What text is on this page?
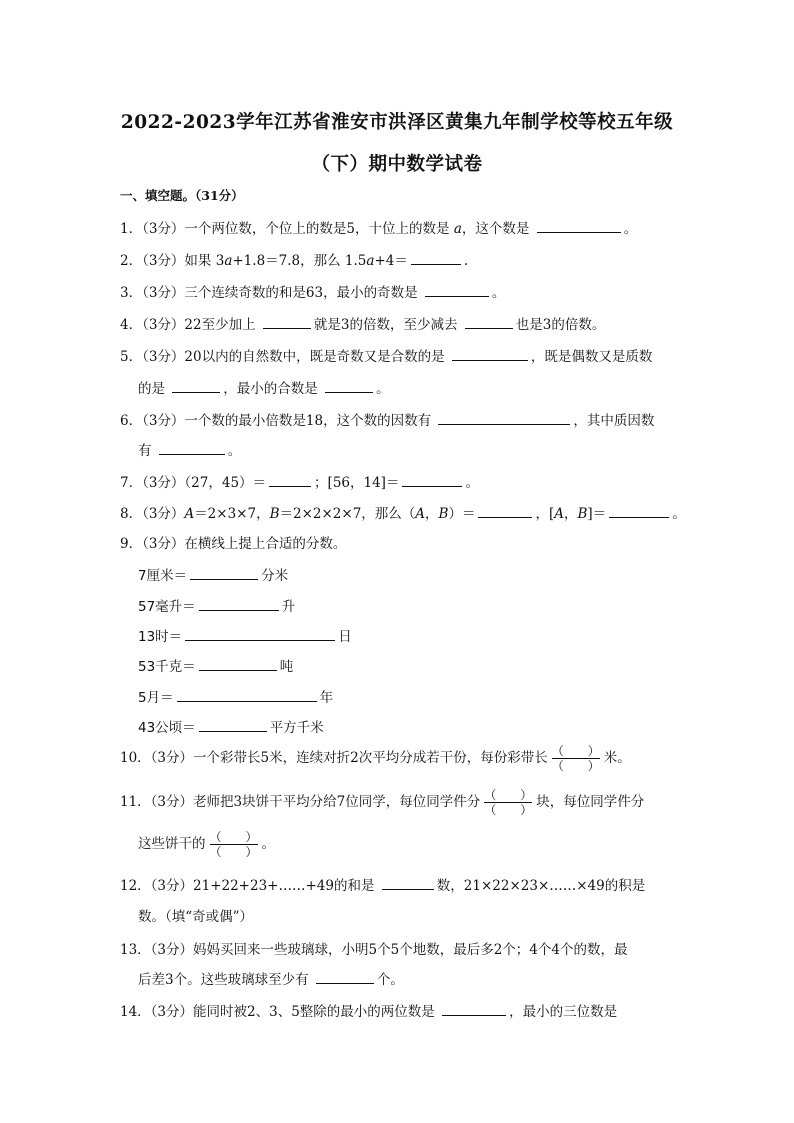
2022-2023学年江苏省淮安市洪泽区黄集九年制学校等校五年级
（下）期中数学试卷
一、填空题。（31分）
1．（3分）一个两位数，个位上的数是5，十位上的数是 a，这个数是	。
2．（3分）如果 3a+1.8＝7.8，那么 1.5a+4＝	.
3．（3分）三个连续奇数的和是63，最小的奇数是	。
4．（3分）22至少加上	就是3的倍数，至少减去	也是3的倍数。
5．（3分）20以内的自然数中，既是奇数又是合数的是	，既是偶数又是质数
的是	，最小的合数是	。
6．（3分）一个数的最小倍数是18，这个数的因数有	，其中质因数
有	。
7．（3分）（27，45）＝	；[56，14]＝	。
8．（3分）A＝2×3×7，B＝2×2×2×7，那么（A，B）＝	，[A，B]＝	。
9．（3分）在横线上提上合适的分数。
7厘米＝	分米
57毫升＝	升
13时＝	日
53千克＝	吨
5月＝	年
43公顷＝	平方千米
10．（3分）一个彩带长5米，连续对折2次平均分成若干份，每份彩带长 $\frac{( )}{( )}$ 米。
11．（3分）老师把3块饼干平均分给7位同学，每位同学件分 $\frac{( )}{( )}$ 块，每位同学件分
这些饼干的 $\frac{( )}{( )}$ 。
12．（3分）21+22+23+……+49的和是	数，21×22×23×……×49的积是
数。（填“奇或偶”）
13．（3分）妈妈买回来一些玻璃球，小明5个5个地数，最后多2个；4个4个的数，最
后差3个。这些玻璃球至少有	个。
14．（3分）能同时被2、3、5整除的最小的两位数是	，最小的三位数是
